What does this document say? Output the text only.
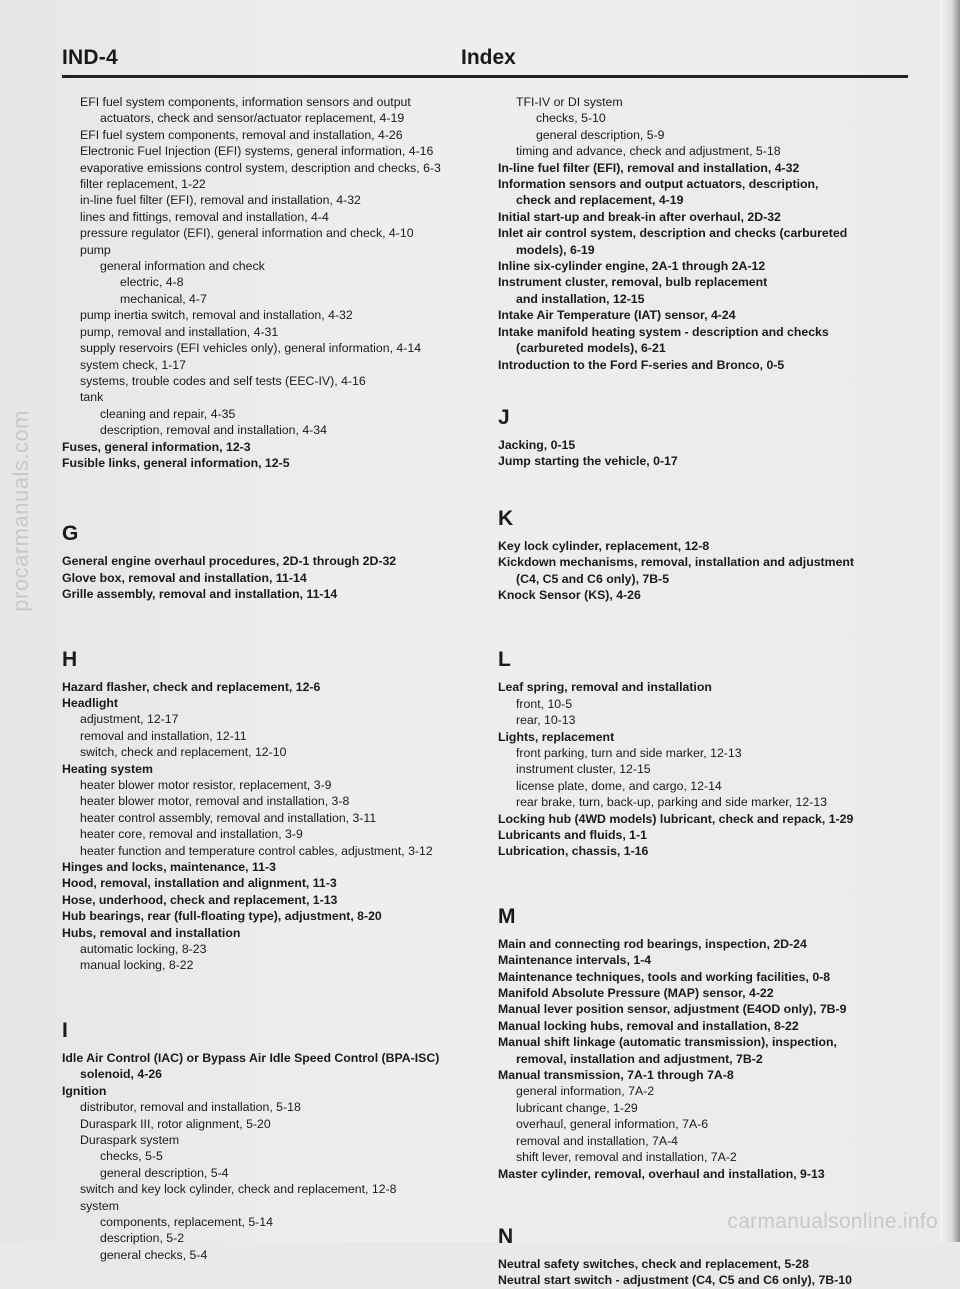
IND-4	Index
EFI fuel system components, information sensors and output
actuators, check and sensor/actuator replacement, 4-19
EFI fuel system components, removal and installation, 4-26
Electronic Fuel Injection (EFI) systems, general information, 4-16
evaporative emissions control system, description and checks, 6-3
filter replacement, 1-22
in-line fuel filter (EFI), removal and installation, 4-32
lines and fittings, removal and installation, 4-4
pressure regulator (EFI), general information and check, 4-10
pump
general information and check
electric, 4-8
mechanical, 4-7
pump inertia switch, removal and installation, 4-32
pump, removal and installation, 4-31
supply reservoirs (EFI vehicles only), general information, 4-14
system check, 1-17
systems, trouble codes and self tests (EEC-IV), 4-16
tank
cleaning and repair, 4-35
description, removal and installation, 4-34
Fuses, general information, 12-3
Fusible links, general information, 12-5
G
General engine overhaul procedures, 2D-1 through 2D-32
Glove box, removal and installation, 11-14
Grille assembly, removal and installation, 11-14
H
Hazard flasher, check and replacement, 12-6
Headlight
adjustment, 12-17
removal and installation, 12-11
switch, check and replacement, 12-10
Heating system
heater blower motor resistor, replacement, 3-9
heater blower motor, removal and installation, 3-8
heater control assembly, removal and installation, 3-11
heater core, removal and installation, 3-9
heater function and temperature control cables, adjustment, 3-12
Hinges and locks, maintenance, 11-3
Hood, removal, installation and alignment, 11-3
Hose, underhood, check and replacement, 1-13
Hub bearings, rear (full-floating type), adjustment, 8-20
Hubs, removal and installation
automatic locking, 8-23
manual locking, 8-22
I
Idle Air Control (IAC) or Bypass Air Idle Speed Control (BPA-ISC)
solenoid, 4-26
Ignition
distributor, removal and installation, 5-18
Duraspark III, rotor alignment, 5-20
Duraspark system
checks, 5-5
general description, 5-4
switch and key lock cylinder, check and replacement, 12-8
system
components, replacement, 5-14
description, 5-2
general checks, 5-4
TFI-IV or DI system
checks, 5-10
general description, 5-9
timing and advance, check and adjustment, 5-18
In-line fuel filter (EFI), removal and installation, 4-32
Information sensors and output actuators, description,
check and replacement, 4-19
Initial start-up and break-in after overhaul, 2D-32
Inlet air control system, description and checks (carbureted
models), 6-19
Inline six-cylinder engine, 2A-1 through 2A-12
Instrument cluster, removal, bulb replacement
and installation, 12-15
Intake Air Temperature (IAT) sensor, 4-24
Intake manifold heating system - description and checks
(carbureted models), 6-21
Introduction to the Ford F-series and Bronco, 0-5
J
Jacking, 0-15
Jump starting the vehicle, 0-17
K
Key lock cylinder, replacement, 12-8
Kickdown mechanisms, removal, installation and adjustment
(C4, C5 and C6 only), 7B-5
Knock Sensor (KS), 4-26
L
Leaf spring, removal and installation
front, 10-5
rear, 10-13
Lights, replacement
front parking, turn and side marker, 12-13
instrument cluster, 12-15
license plate, dome, and cargo, 12-14
rear brake, turn, back-up, parking and side marker, 12-13
Locking hub (4WD models) lubricant, check and repack, 1-29
Lubricants and fluids, 1-1
Lubrication, chassis, 1-16
M
Main and connecting rod bearings, inspection, 2D-24
Maintenance intervals, 1-4
Maintenance techniques, tools and working facilities, 0-8
Manifold Absolute Pressure (MAP) sensor, 4-22
Manual lever position sensor, adjustment (E4OD only), 7B-9
Manual locking hubs, removal and installation, 8-22
Manual shift linkage (automatic transmission), inspection,
removal, installation and adjustment, 7B-2
Manual transmission, 7A-1 through 7A-8
general information, 7A-2
lubricant change, 1-29
overhaul, general information, 7A-6
removal and installation, 7A-4
shift lever, removal and installation, 7A-2
Master cylinder, removal, overhaul and installation, 9-13
N
Neutral safety switches, check and replacement, 5-28
Neutral start switch - adjustment (C4, C5 and C6 only), 7B-10
procarmanuals.com
carmanualsonline.info
